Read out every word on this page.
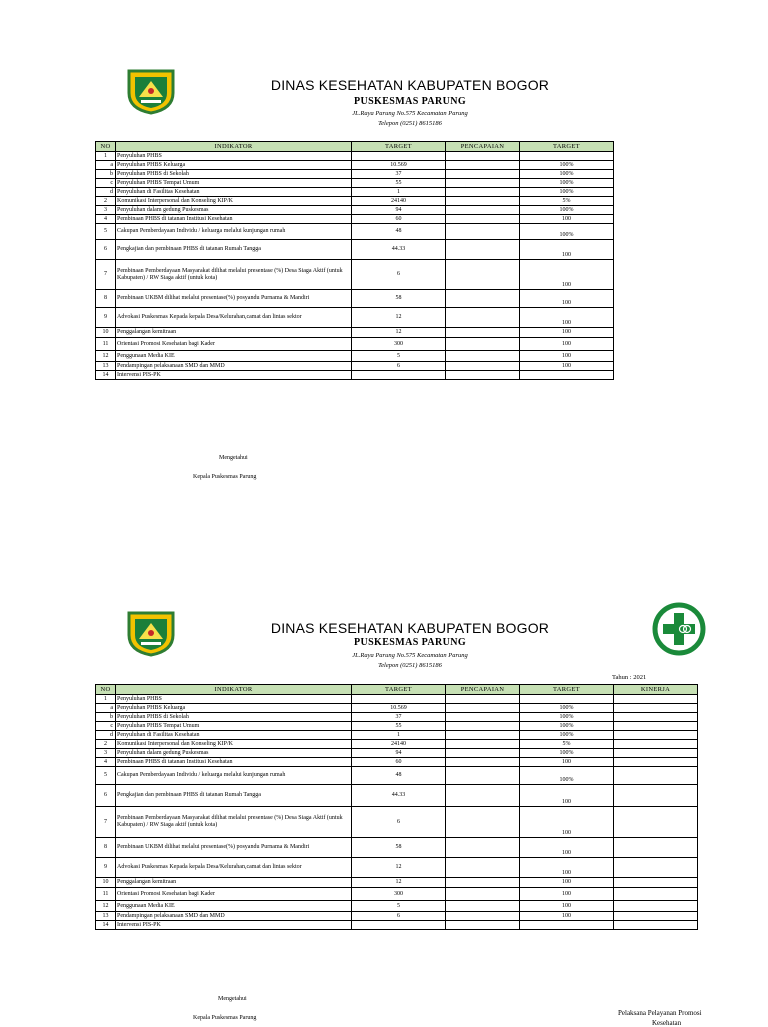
DINAS KESEHATAN KABUPATEN BOGOR
PUSKESMAS PARUNG
JL.Raya Parung No.575 Kecamatan Parung
Telepon (0251) 8615186
NO	INDIKATOR	TARGET	PENCAPAIAN	TARGET
1	Penyuluhan PHBS			
a	Penyuluhan PHBS Keluarga	10.569		100%
b	Penyuluhan PHBS di Sekolah	37		100%
c	Penyuluhan PHBS Tempat Umum	55		100%
d	Penyuluhan di Fasilitas Kesehatan	1		100%
2	Komunikasi Interpersonal dan Konseling KIP/K	24140		5%
3	Penyuluhan dalam gedung Puskesmas	94		100%
4	Pembinaan PHBS di tatanan Institusi Kesehatan	60		100
5	Cakupan Pemberdayaan Individu / keluarga melalui kunjungan rumah	48		100%
6	Pengkajian dan pembinaan PHBS di tatanan Rumah Tangga	44.33		100
7	Pembinaan Pemberdayaan Masyarakat dilihat melalui presentase (%) Desa Siaga Aktif (untuk Kabupaten) / RW Siaga aktif (untuk kota)	6		100
8	Pembinaan UKBM dilihat melalui presentase(%) posyandu Purnama & Mandiri	58		100
9	Advokasi Puskesmas Kepada kepala Desa/Kelurahan,camat dan lintas sektor	12		100
10	Penggalangan kemitraan	12		100
11	Orientasi Promosi Kesehatan bagi Kader	300		100
12	Penggunaan Media KIE	5		100
13	Pendampingan pelaksanaan SMD dan MMD	6		100
14	Intervensi PIS-PK			
Mengetahui
Kepala Puskesmas Parung
DINAS KESEHATAN KABUPATEN BOGOR
PUSKESMAS PARUNG
JL.Raya Parung No.575 Kecamatan Parung
Telepon (0251) 8615186
Tahun : 2021
NO	INDIKATOR	TARGET	PENCAPAIAN	TARGET	KINERJA
1	Penyuluhan PHBS				
a	Penyuluhan PHBS Keluarga	10.569		100%	
b	Penyuluhan PHBS di Sekolah	37		100%	
c	Penyuluhan PHBS Tempat Umum	55		100%	
d	Penyuluhan di Fasilitas Kesehatan	1		100%	
2	Komunikasi Interpersonal dan Konseling KIP/K	24140		5%	
3	Penyuluhan dalam gedung Puskesmas	94		100%	
4	Pembinaan PHBS di tatanan Institusi Kesehatan	60		100	
5	Cakupan Pemberdayaan Individu / keluarga melalui kunjungan rumah	48		100%	
6	Pengkajian dan pembinaan PHBS di tatanan Rumah Tangga	44.33		100	
7	Pembinaan Pemberdayaan Masyarakat dilihat melalui presentase (%) Desa Siaga Aktif (untuk Kabupaten) / RW Siaga aktif (untuk kota)	6		100	
8	Pembinaan UKBM dilihat melalui presentase(%) posyandu Purnama & Mandiri	58		100	
9	Advokasi Puskesmas Kepada kepala Desa/Kelurahan,camat dan lintas sektor	12		100	
10	Penggalangan kemitraan	12		100	
11	Orientasi Promosi Kesehatan bagi Kader	300		100	
12	Penggunaan Media KIE	5		100	
13	Pendampingan pelaksanaan SMD dan MMD	6		100	
14	Intervensi PIS-PK				
Mengetahui
Kepala Puskesmas Parung
Pelaksana Pelayanan Promosi
Kesehatan
